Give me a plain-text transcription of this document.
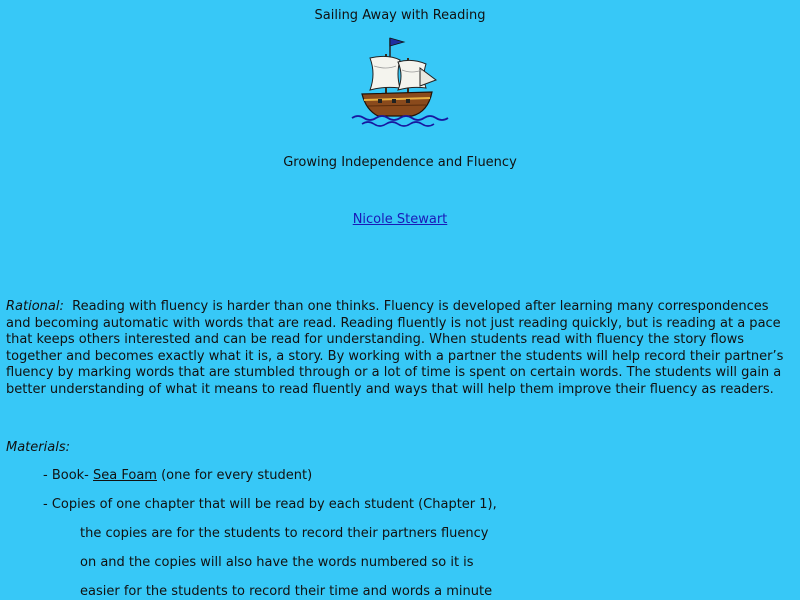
Sailing Away with Reading
Growing Independence and Fluency
Nicole Stewart

Rational: Reading with fluency is harder than one thinks. Fluency is developed after learning many correspondences and becoming automatic with words that are read. Reading fluently is not just reading quickly, but is reading at a pace that keeps others interested and can be read for understanding. When students read with fluency the story flows together and becomes exactly what it is, a story. By working with a partner the students will help record their partner’s fluency by marking words that are stumbled through or a lot of time is spent on certain words. The students will gain a better understanding of what it means to read fluently and ways that will help them improve their fluency as readers.

Materials:
- Book- Sea Foam (one for every student)
- Copies of one chapter that will be read by each student (Chapter 1),
the copies are for the students to record their partners fluency
on and the copies will also have the words numbered so it is
easier for the students to record their time and words a minute
